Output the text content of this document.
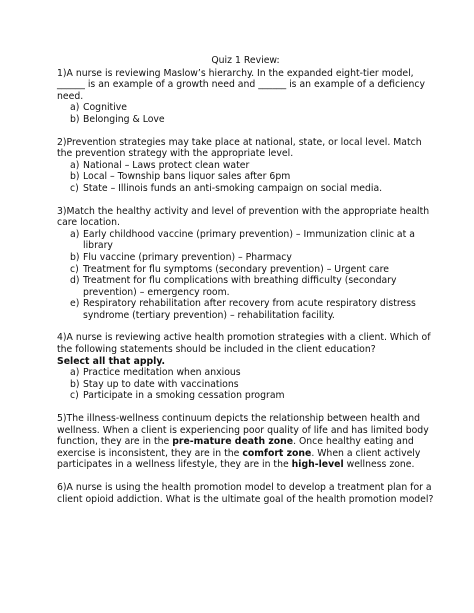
Quiz 1 Review:

1)A nurse is reviewing Maslow’s hierarchy. In the expanded eight-tier model, ______ is an example of a growth need and ______ is an example of a deficiency need.

a) Cognitive
b) Belonging & Love

2)Prevention strategies may take place at national, state, or local level. Match the prevention strategy with the appropriate level.

a) National – Laws protect clean water
b) Local – Township bans liquor sales after 6pm
c) State – Illinois funds an anti-smoking campaign on social media.

3)Match the healthy activity and level of prevention with the appropriate health care location.

a) Early childhood vaccine (primary prevention) – Immunization clinic at a library
b) Flu vaccine (primary prevention) – Pharmacy
c) Treatment for flu symptoms (secondary prevention) – Urgent care
d) Treatment for flu complications with breathing difficulty (secondary prevention) – emergency room.
e) Respiratory rehabilitation after recovery from acute respiratory distress syndrome (tertiary prevention) – rehabilitation facility.

4)A nurse is reviewing active health promotion strategies with a client. Which of the following statements should be included in the client education?

Select all that apply.

a) Practice meditation when anxious
b) Stay up to date with vaccinations
c) Participate in a smoking cessation program

5)The illness-wellness continuum depicts the relationship between health and wellness. When a client is experiencing poor quality of life and has limited body function, they are in the pre-mature death zone. Once healthy eating and exercise is inconsistent, they are in the comfort zone. When a client actively participates in a wellness lifestyle, they are in the high-level wellness zone.

6)A nurse is using the health promotion model to develop a treatment plan for a client opioid addiction. What is the ultimate goal of the health promotion model?
